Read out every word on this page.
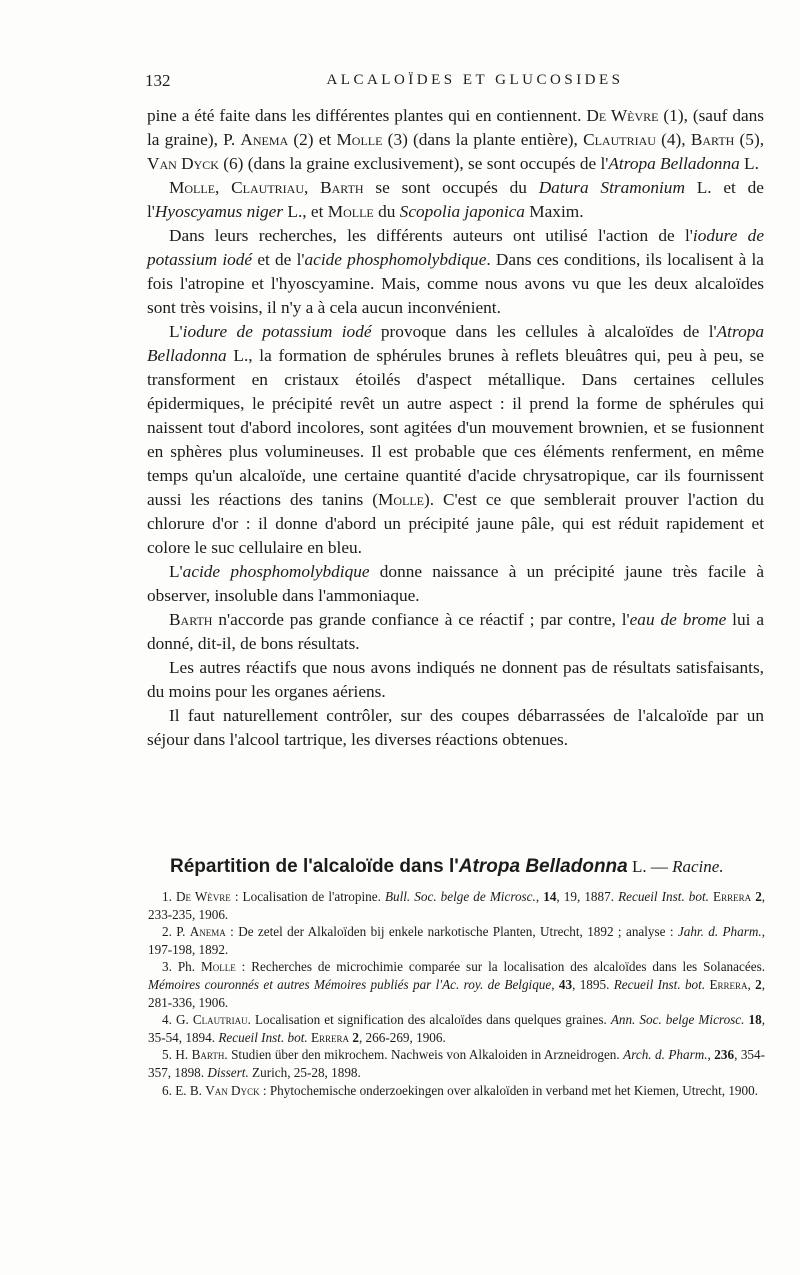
132	ALCALOÏDES ET GLUCOSIDES

pine a été faite dans les différentes plantes qui en contiennent. De Wèvre (1), (sauf dans la graine), P. Anema (2) et Molle (3) (dans la plante entière), Clautriau (4), Barth (5), Van Dyck (6) (dans la graine exclusivement), se sont occupés de l'Atropa Belladonna L.

Molle, Clautriau, Barth se sont occupés du Datura Stramonium L. et de l'Hyoscyamus niger L., et Molle du Scopolia japonica Maxim.

Dans leurs recherches, les différents auteurs ont utilisé l'action de l'iodure de potassium iodé et de l'acide phosphomolybdique. Dans ces conditions, ils localisent à la fois l'atropine et l'hyoscyamine. Mais, comme nous avons vu que les deux alcaloïdes sont très voisins, il n'y a à cela aucun inconvénient.

L'iodure de potassium iodé provoque dans les cellules à alcaloïdes de l'Atropa Belladonna L., la formation de sphérules brunes à reflets bleuâtres qui, peu à peu, se transforment en cristaux étoilés d'aspect métallique. Dans certaines cellules épidermiques, le précipité revêt un autre aspect : il prend la forme de sphérules qui naissent tout d'abord incolores, sont agitées d'un mouvement brownien, et se fusionnent en sphères plus volumineuses. Il est probable que ces éléments renferment, en même temps qu'un alcaloïde, une certaine quantité d'acide chrysatropique, car ils fournissent aussi les réactions des tanins (Molle). C'est ce que semblerait prouver l'action du chlorure d'or : il donne d'abord un précipité jaune pâle, qui est réduit rapidement et colore le suc cellulaire en bleu.

L'acide phosphomolybdique donne naissance à un précipité jaune très facile à observer, insoluble dans l'ammoniaque.

Barth n'accorde pas grande confiance à ce réactif ; par contre, l'eau de brome lui a donné, dit-il, de bons résultats.

Les autres réactifs que nous avons indiqués ne donnent pas de résultats satisfaisants, du moins pour les organes aériens.

Il faut naturellement contrôler, sur des coupes débarrassées de l'alcaloïde par un séjour dans l'alcool tartrique, les diverses réactions obtenues.

Répartition de l'alcaloïde dans l'Atropa Belladonna L. — Racine.

1. De Wèvre : Localisation de l'atropine. Bull. Soc. belge de Microsc., 14, 19, 1887. Recueil Inst. bot. Errera 2, 233-235, 1906.

2. P. Anema : De zetel der Alkaloïden bij enkele narkotische Planten, Utrecht, 1892 ; analyse : Jahr. d. Pharm., 197-198, 1892.

3. Ph. Molle : Recherches de microchimie comparée sur la localisation des alcaloïdes dans les Solanacées. Mémoires couronnés et autres Mémoires publiés par l'Ac. roy. de Belgique, 43, 1895. Recueil Inst. bot. Errera, 2, 281-336, 1906.

4. G. Clautriau. Localisation et signification des alcaloïdes dans quelques graines. Ann. Soc. belge Microsc. 18, 35-54, 1894. Recueil Inst. bot. Errera 2, 266-269, 1906.

5. H. Barth. Studien über den mikrochem. Nachweis von Alkaloiden in Arzneidrogen. Arch. d. Pharm., 236, 354-357, 1898. Dissert. Zurich, 25-28, 1898.

6. E. B. Van Dyck : Phytochemische onderzoekingen over alkaloïden in verband met het Kiemen, Utrecht, 1900.
